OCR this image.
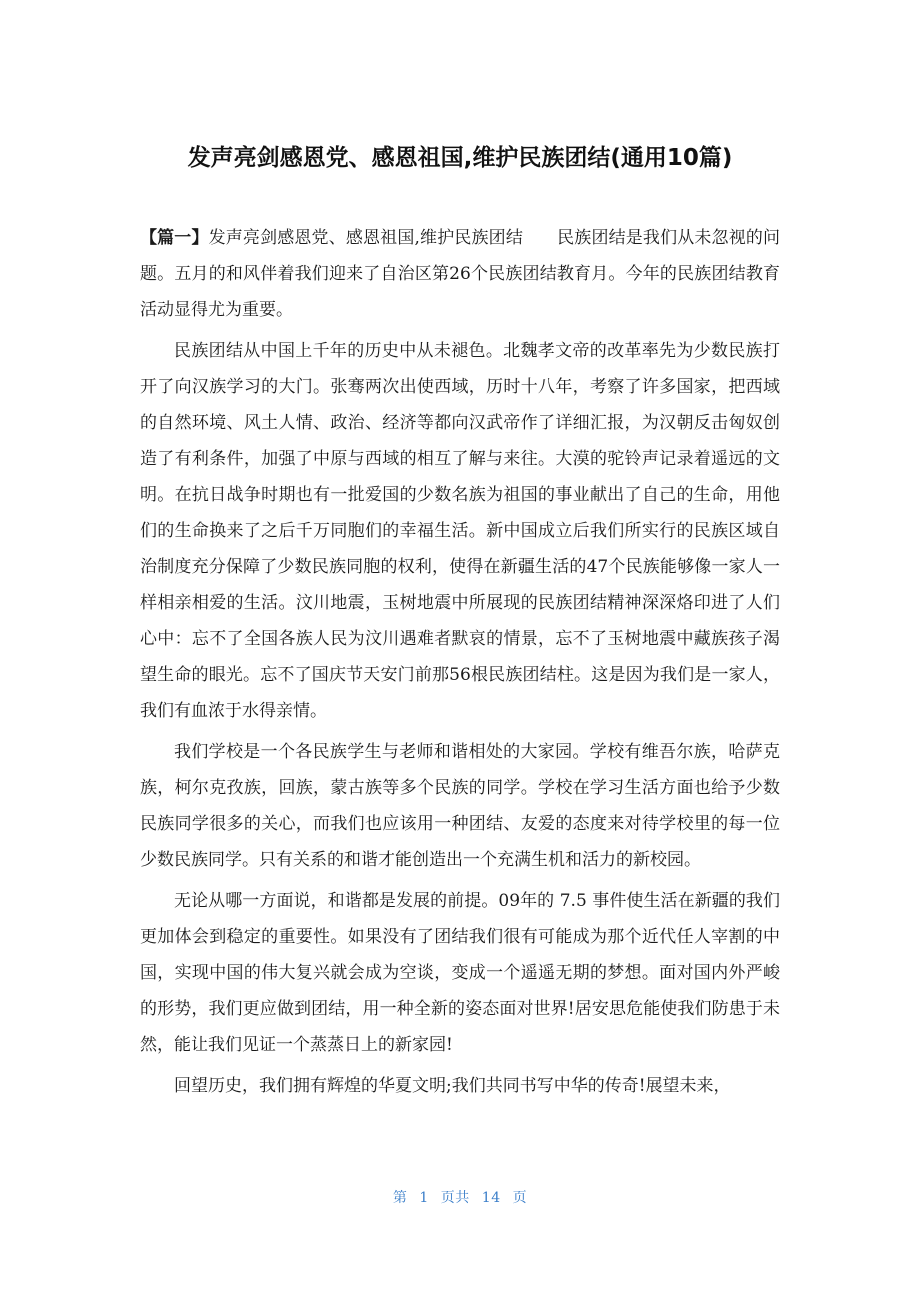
发声亮剑感恩党、感恩祖国,维护民族团结(通用10篇)

【篇一】发声亮剑感恩党、感恩祖国,维护民族团结 民族团结是我们从未忽视的问题。五月的和风伴着我们迎来了自治区第26个民族团结教育月。今年的民族团结教育活动显得尤为重要。

民族团结从中国上千年的历史中从未褪色。北魏孝文帝的改革率先为少数民族打开了向汉族学习的大门。张骞两次出使西域，历时十八年，考察了许多国家，把西域的自然环境、风土人情、政治、经济等都向汉武帝作了详细汇报，为汉朝反击匈奴创造了有利条件，加强了中原与西域的相互了解与来往。大漠的驼铃声记录着遥远的文明。在抗日战争时期也有一批爱国的少数名族为祖国的事业献出了自己的生命，用他们的生命换来了之后千万同胞们的幸福生活。新中国成立后我们所实行的民族区域自治制度充分保障了少数民族同胞的权利，使得在新疆生活的47个民族能够像一家人一样相亲相爱的生活。汶川地震，玉树地震中所展现的民族团结精神深深烙印进了人们心中：忘不了全国各族人民为汶川遇难者默哀的情景，忘不了玉树地震中藏族孩子渴望生命的眼光。忘不了国庆节天安门前那56根民族团结柱。这是因为我们是一家人，我们有血浓于水得亲情。

我们学校是一个各民族学生与老师和谐相处的大家园。学校有维吾尔族，哈萨克族，柯尔克孜族，回族，蒙古族等多个民族的同学。学校在学习生活方面也给予少数民族同学很多的关心，而我们也应该用一种团结、友爱的态度来对待学校里的每一位少数民族同学。只有关系的和谐才能创造出一个充满生机和活力的新校园。

无论从哪一方面说，和谐都是发展的前提。09年的 7.5 事件使生活在新疆的我们更加体会到稳定的重要性。如果没有了团结我们很有可能成为那个近代任人宰割的中国，实现中国的伟大复兴就会成为空谈，变成一个遥遥无期的梦想。面对国内外严峻的形势，我们更应做到团结，用一种全新的姿态面对世界!居安思危能使我们防患于未然，能让我们见证一个蒸蒸日上的新家园!

回望历史，我们拥有辉煌的华夏文明;我们共同书写中华的传奇!展望未来，

第 1 页共 14 页
